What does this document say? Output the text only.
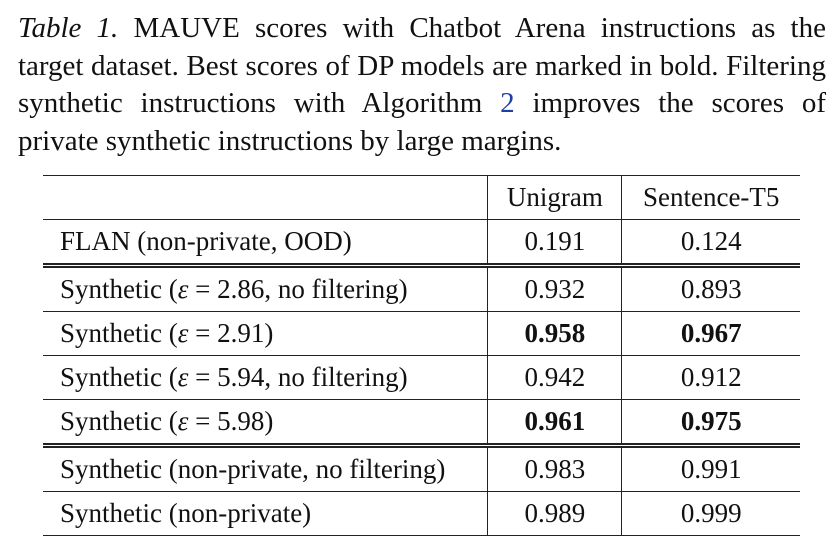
Table 1. MAUVE scores with Chatbot Arena instructions as the target dataset. Best scores of DP models are marked in bold. Filtering synthetic instructions with Algorithm 2 improves the scores of private synthetic instructions by large margins.
	Unigram	Sentence-T5
FLAN (non-private, OOD)	0.191	0.124
Synthetic (ε = 2.86, no filtering)	0.932	0.893
Synthetic (ε = 2.91)	0.958	0.967
Synthetic (ε = 5.94, no filtering)	0.942	0.912
Synthetic (ε = 5.98)	0.961	0.975
Synthetic (non-private, no filtering)	0.983	0.991
Synthetic (non-private)	0.989	0.999
